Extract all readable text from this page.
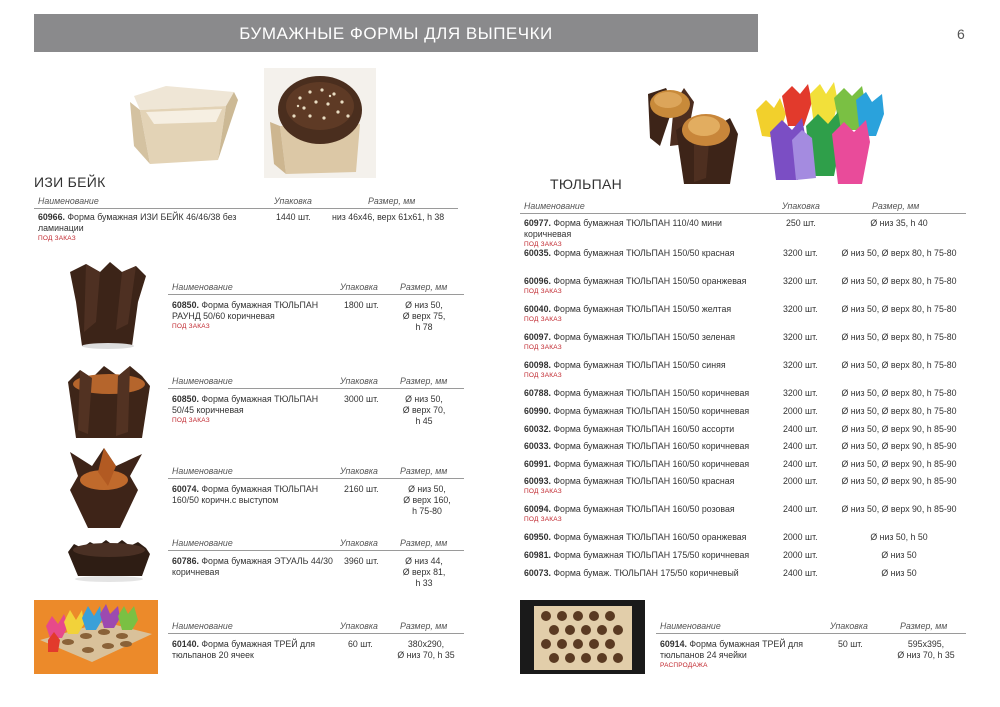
БУМАЖНЫЕ ФОРМЫ ДЛЯ ВЫПЕЧКИ	6
ИЗИ БЕЙК
Наименование	Упаковка	Размер, мм
60966. Форма бумажная ИЗИ БЕЙК 46/46/38 без ламинации
ПОД ЗАКАЗ
1440 шт. низ 46х46, верх 61х61, h 38
Наименование	Упаковка	Размер, мм
60850. Форма бумажная ТЮЛЬПАН РАУНД 50/60 коричневая
ПОД ЗАКАЗ
1800 шт.	Ø низ 50,
Ø верх 75,
h 78
Наименование	Упаковка	Размер, мм
60850. Форма бумажная ТЮЛЬПАН 50/45 коричневая
ПОД ЗАКАЗ
3000 шт.	Ø низ 50,
Ø верх 70,
h 45
Наименование	Упаковка	Размер, мм
60074. Форма бумажная ТЮЛЬПАН 160/50 коричн.с выступом
2160 шт.	Ø низ 50,
Ø верх 160,
h 75-80
Наименование	Упаковка	Размер, мм
60786. Форма бумажная ЭТУАЛЬ 44/30 коричневая
3960 шт.	Ø низ 44,
Ø верх 81,
h 33
Наименование	Упаковка	Размер, мм
60140. Форма бумажная ТРЕЙ для тюльпанов 20 ячеек
60 шт.	380х290,
Ø низ 70, h 35
ТЮЛЬПАН
Наименование	Упаковка	Размер, мм
60977. Форма бумажная ТЮЛЬПАН 110/40 мини коричневая
ПОД ЗАКАЗ
250 шт.	Ø низ 35, h 40
60035. Форма бумажная ТЮЛЬПАН 150/50 красная	3200 шт.	Ø низ 50, Ø верх 80, h 75-80
60096. Форма бумажная ТЮЛЬПАН 150/50 оранжевая
ПОД ЗАКАЗ
3200 шт.	Ø низ 50, Ø верх 80, h 75-80
60040. Форма бумажная ТЮЛЬПАН 150/50 желтая
ПОД ЗАКАЗ
3200 шт.	Ø низ 50, Ø верх 80, h 75-80
60097. Форма бумажная ТЮЛЬПАН 150/50 зеленая
ПОД ЗАКАЗ
3200 шт.	Ø низ 50, Ø верх 80, h 75-80
60098. Форма бумажная ТЮЛЬПАН 150/50 синяя
ПОД ЗАКАЗ
3200 шт.	Ø низ 50, Ø верх 80, h 75-80
60788. Форма бумажная ТЮЛЬПАН 150/50 коричневая	3200 шт.	Ø низ 50, Ø верх 80, h 75-80
60990. Форма бумажная ТЮЛЬПАН 150/50 коричневая	2000 шт.	Ø низ 50, Ø верх 80, h 75-80
60032. Форма бумажная ТЮЛЬПАН 160/50 ассорти	2400 шт.	Ø низ 50, Ø верх 90, h 85-90
60033. Форма бумажная ТЮЛЬПАН 160/50 коричневая	2400 шт.	Ø низ 50, Ø верх 90, h 85-90
60991. Форма бумажная ТЮЛЬПАН 160/50 коричневая	2400 шт.	Ø низ 50, Ø верх 90, h 85-90
60093. Форма бумажная ТЮЛЬПАН 160/50 красная
ПОД ЗАКАЗ
2000 шт.	Ø низ 50, Ø верх 90, h 85-90
60094. Форма бумажная ТЮЛЬПАН 160/50 розовая
ПОД ЗАКАЗ
2400 шт.	Ø низ 50, Ø верх 90, h 85-90
60950. Форма бумажная ТЮЛЬПАН 160/50 оранжевая	2000 шт.	Ø низ 50, h 50
60981. Форма бумажная ТЮЛЬПАН 175/50 коричневая	2000 шт.	Ø низ 50
60073. Форма бумаж. ТЮЛЬПАН 175/50 коричневый	2400 шт.	Ø низ 50
Наименование	Упаковка	Размер, мм
60914. Форма бумажная ТРЕЙ для тюльпанов 24 ячейки
РАСПРОДАЖА
50 шт.	595х395,
Ø низ 70, h 35
